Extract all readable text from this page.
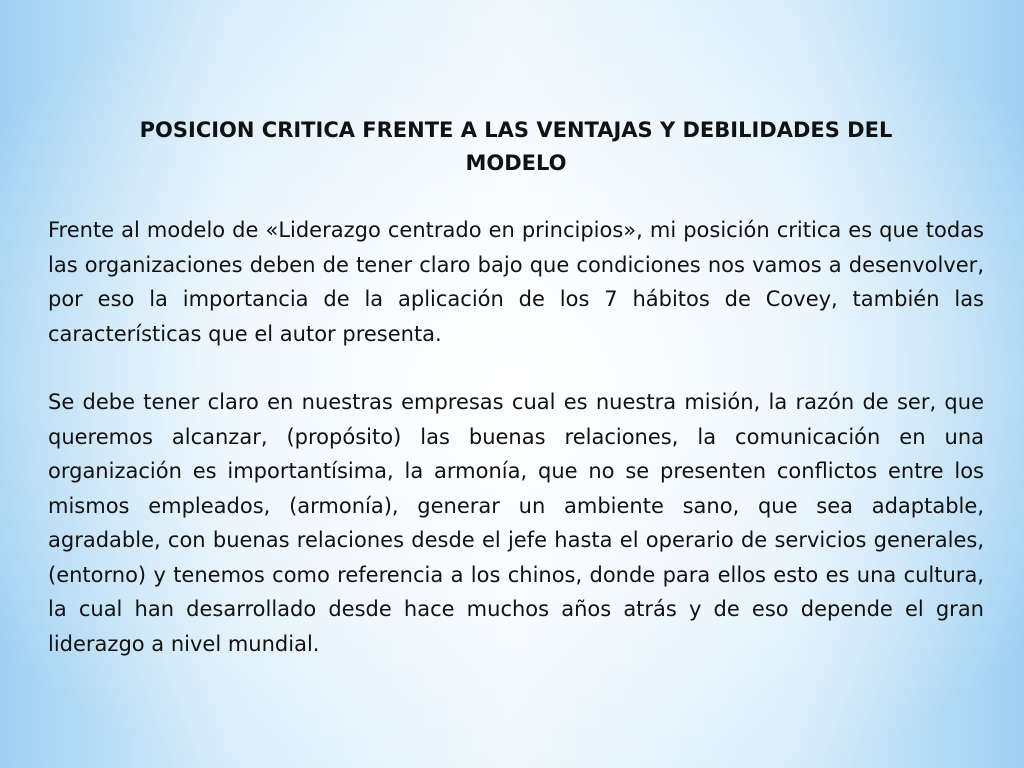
POSICION CRITICA FRENTE A LAS VENTAJAS Y DEBILIDADES DEL MODELO

Frente al modelo de «Liderazgo centrado en principios», mi posición critica es que todas las organizaciones deben de tener claro bajo que condiciones nos vamos a desenvolver, por eso la importancia de la aplicación de los 7 hábitos de Covey, también las características que el autor presenta.

Se debe tener claro en nuestras empresas cual es nuestra misión, la razón de ser, que queremos alcanzar, (propósito) las buenas relaciones, la comunicación en una organización es importantísima, la armonía, que no se presenten conflictos entre los mismos empleados, (armonía), generar un ambiente sano, que sea adaptable, agradable, con buenas relaciones desde el jefe hasta el operario de servicios generales, (entorno) y tenemos como referencia a los chinos, donde para ellos esto es una cultura, la cual han desarrollado desde hace muchos años atrás y de eso depende el gran liderazgo a nivel mundial.
